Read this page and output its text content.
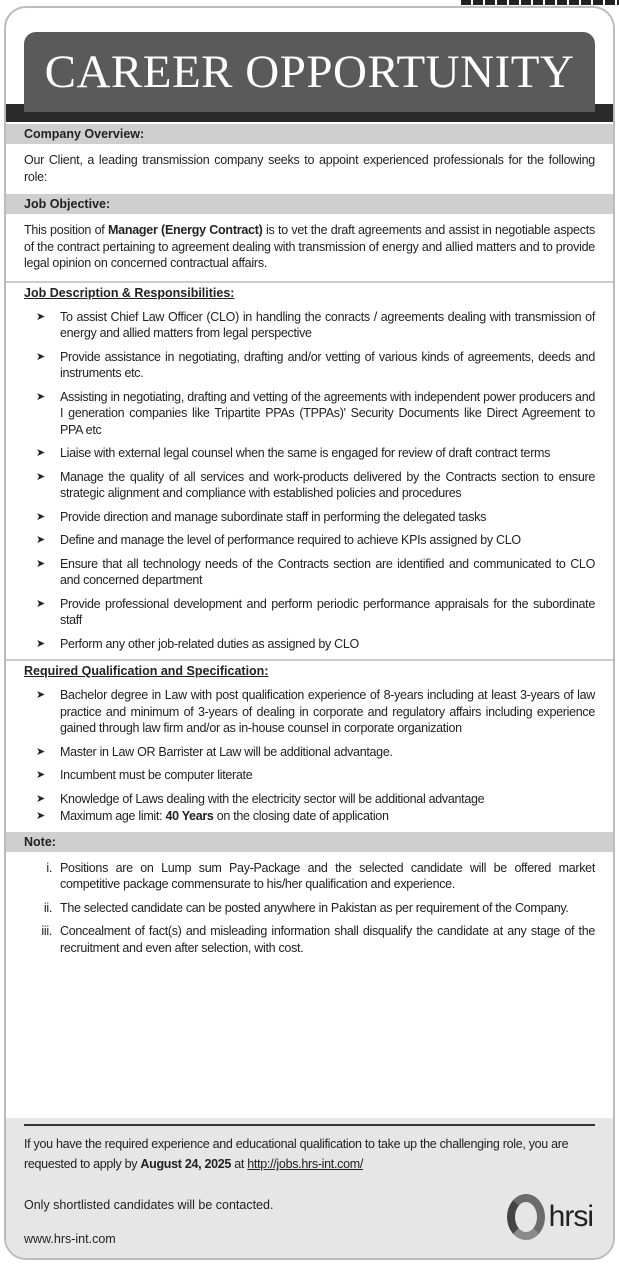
CAREER OPPORTUNITY
Company Overview:

Our Client, a leading transmission company seeks to appoint experienced professionals for the following role:

Job Objective:

This position of Manager (Energy Contract) is to vet the draft agreements and assist in negotiable aspects of the contract pertaining to agreement dealing with transmission of energy and allied matters and to provide legal opinion on concerned contractual affairs.

Job Description & Responsibilities:
➤ To assist Chief Law Officer (CLO) in handling the conracts / agreements dealing with transmission of energy and allied matters from legal perspective
➤ Provide assistance in negotiating, drafting and/or vetting of various kinds of agreements, deeds and instruments etc.
➤ Assisting in negotiating, drafting and vetting of the agreements with independent power producers and I generation companies like Tripartite PPAs (TPPAs)' Security Documents like Direct Agreement to PPA etc
➤ Liaise with external legal counsel when the same is engaged for review of draft contract terms
➤ Manage the quality of all services and work-products delivered by the Contracts section to ensure strategic alignment and compliance with established policies and procedures
➤ Provide direction and manage subordinate staff in performing the delegated tasks
➤ Define and manage the level of performance required to achieve KPIs assigned by CLO
➤ Ensure that all technology needs of the Contracts section are identified and communicated to CLO and concerned department
➤ Provide professional development and perform periodic performance appraisals for the subordinate staff
➤ Perform any other job-related duties as assigned by CLO
Required Qualification and Specification:
➤ Bachelor degree in Law with post qualification experience of 8-years including at least 3-years of law practice and minimum of 3-years of dealing in corporate and regulatory affairs including experience gained through law firm and/or as in-house counsel in corporate organization
➤ Master in Law OR Barrister at Law will be additional advantage.
➤ Incumbent must be computer literate
➤ Knowledge of Laws dealing with the electricity sector will be additional advantage
➤ Maximum age limit: 40 Years on the closing date of application
Note:
i. Positions are on Lump sum Pay-Package and the selected candidate will be offered market competitive package commensurate to his/her qualification and experience.
ii. The selected candidate can be posted anywhere in Pakistan as per requirement of the Company.
iii. Concealment of fact(s) and misleading information shall disqualify the candidate at any stage of the recruitment and even after selection, with cost.
If you have the required experience and educational qualification to take up the challenging role, you are requested to apply by August 24, 2025 at http://jobs.hrs-int.com/
Only shortlisted candidates will be contacted.
www.hrs-int.com
hrsi
